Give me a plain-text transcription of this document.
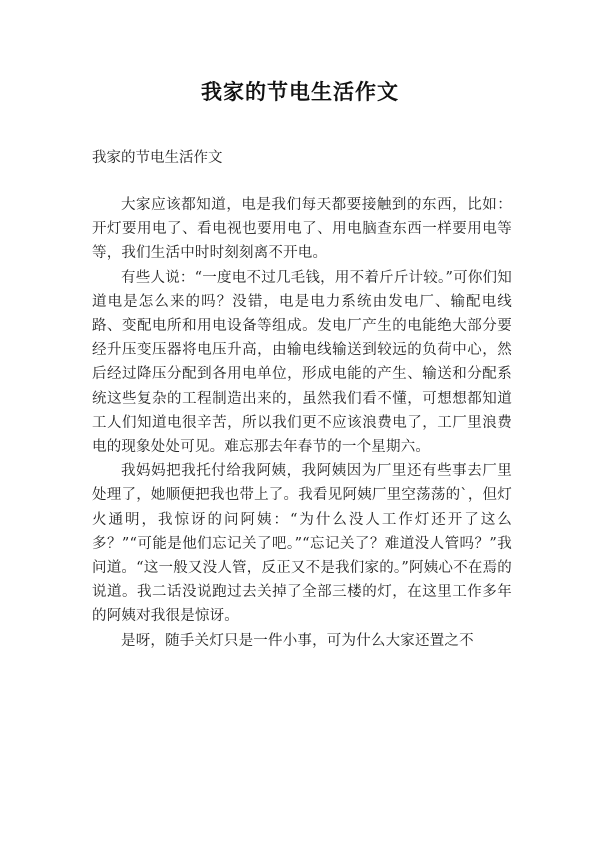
我家的节电生活作文
我家的节电生活作文

大家应该都知道，电是我们每天都要接触到的东西，比如：开灯要用电了、看电视也要用电了、用电脑查东西一样要用电等等，我们生活中时时刻刻离不开电。

有些人说：“一度电不过几毛钱，用不着斤斤计较。”可你们知道电是怎么来的吗？没错，电是电力系统由发电厂、输配电线路、变配电所和用电设备等组成。发电厂产生的电能绝大部分要经升压变压器将电压升高，由输电线输送到较远的负荷中心，然后经过降压分配到各用电单位，形成电能的产生、输送和分配系统这些复杂的工程制造出来的，虽然我们看不懂，可想想都知道工人们知道电很辛苦，所以我们更不应该浪费电了，工厂里浪费电的现象处处可见。难忘那去年春节的一个星期六。

我妈妈把我托付给我阿姨，我阿姨因为厂里还有些事去厂里处理了，她顺便把我也带上了。我看见阿姨厂里空荡荡的`，但灯火通明，我惊讶的问阿姨：“为什么没人工作灯还开了这么多？”“可能是他们忘记关了吧。”“忘记关了？难道没人管吗？”我问道。“这一般又没人管，反正又不是我们家的。”阿姨心不在焉的说道。我二话没说跑过去关掉了全部三楼的灯，在这里工作多年的阿姨对我很是惊讶。

是呀，随手关灯只是一件小事，可为什么大家还置之不
